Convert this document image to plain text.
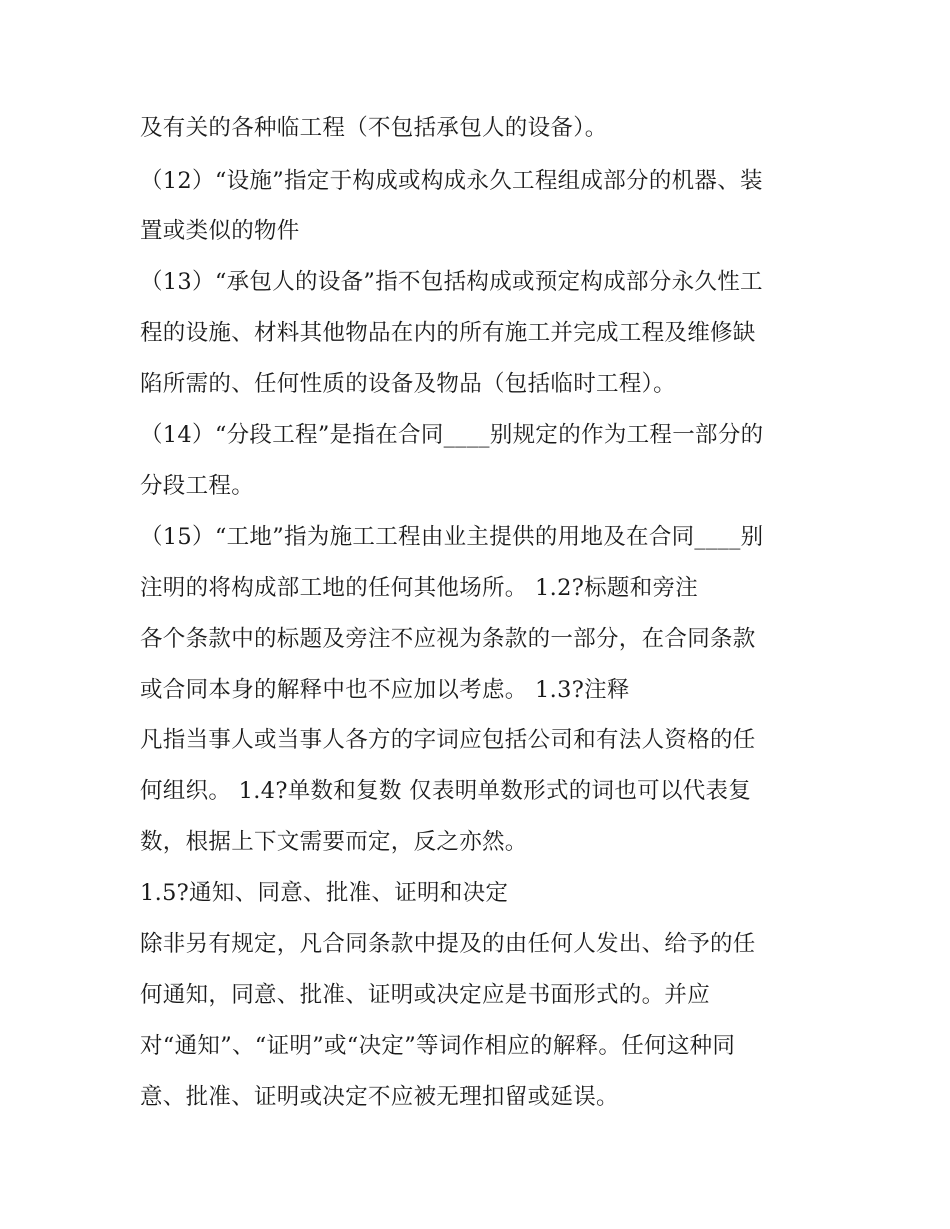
及有关的各种临工程（不包括承包人的设备）。

（12）“设施”指定于构成或构成永久工程组成部分的机器、装

置或类似的物件

（13）“承包人的设备”指不包括构成或预定构成部分永久性工

程的设施、材料其他物品在内的所有施工并完成工程及维修缺

陷所需的、任何性质的设备及物品（包括临时工程）。

（14）“分段工程”是指在合同____别规定的作为工程一部分的

分段工程。

（15）“工地”指为施工工程由业主提供的用地及在合同____别

注明的将构成部工地的任何其他场所。 1.2?标题和旁注

各个条款中的标题及旁注不应视为条款的一部分，在合同条款

或合同本身的解释中也不应加以考虑。 1.3?注释

凡指当事人或当事人各方的字词应包括公司和有法人资格的任

何组织。 1.4?单数和复数 仅表明单数形式的词也可以代表复

数，根据上下文需要而定，反之亦然。

1.5?通知、同意、批准、证明和决定

除非另有规定，凡合同条款中提及的由任何人发出、给予的任

何通知，同意、批准、证明或决定应是书面形式的。并应

对“通知”、“证明”或“决定”等词作相应的解释。任何这种同

意、批准、证明或决定不应被无理扣留或延误。
